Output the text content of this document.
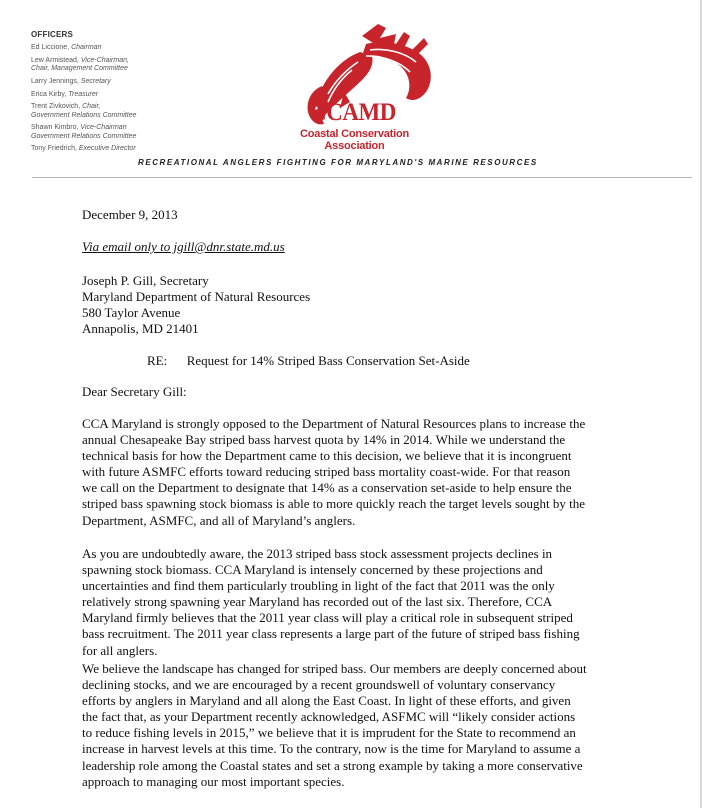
OFFICERS
Ed Liccione, Chairman
Lew Armistead, Vice-Chairman,
Chair, Management Committee
Larry Jennings, Secretary
Erica Kirby, Treasurer
Trent Zivkovich, Chair,
Government Relations Committee
Shawn Kimbro, Vice-Chairman
Government Relations Committee
Tony Friedrich, Executive Director
CCAMD
Coastal Conservation Association
RECREATIONAL ANGLERS FIGHTING FOR MARYLAND'S MARINE RESOURCES
December 9, 2013
Via email only to jgill@dnr.state.md.us
Joseph P. Gill, Secretary
Maryland Department of Natural Resources
580 Taylor Avenue
Annapolis, MD 21401
RE: Request for 14% Striped Bass Conservation Set-Aside
Dear Secretary Gill:
CCA Maryland is strongly opposed to the Department of Natural Resources plans to increase the
annual Chesapeake Bay striped bass harvest quota by 14% in 2014. While we understand the
technical basis for how the Department came to this decision, we believe that it is incongruent
with future ASMFC efforts toward reducing striped bass mortality coast-wide. For that reason
we call on the Department to designate that 14% as a conservation set-aside to help ensure the
striped bass spawning stock biomass is able to more quickly reach the target levels sought by the
Department, ASMFC, and all of Maryland’s anglers.
As you are undoubtedly aware, the 2013 striped bass stock assessment projects declines in
spawning stock biomass. CCA Maryland is intensely concerned by these projections and
uncertainties and find them particularly troubling in light of the fact that 2011 was the only
relatively strong spawning year Maryland has recorded out of the last six. Therefore, CCA
Maryland firmly believes that the 2011 year class will play a critical role in subsequent striped
bass recruitment. The 2011 year class represents a large part of the future of striped bass fishing
for all anglers.
We believe the landscape has changed for striped bass. Our members are deeply concerned about
declining stocks, and we are encouraged by a recent groundswell of voluntary conservancy
efforts by anglers in Maryland and all along the East Coast. In light of these efforts, and given
the fact that, as your Department recently acknowledged, ASFMC will “likely consider actions
to reduce fishing levels in 2015,” we believe that it is imprudent for the State to recommend an
increase in harvest levels at this time. To the contrary, now is the time for Maryland to assume a
leadership role among the Coastal states and set a strong example by taking a more conservative
approach to managing our most important species.
